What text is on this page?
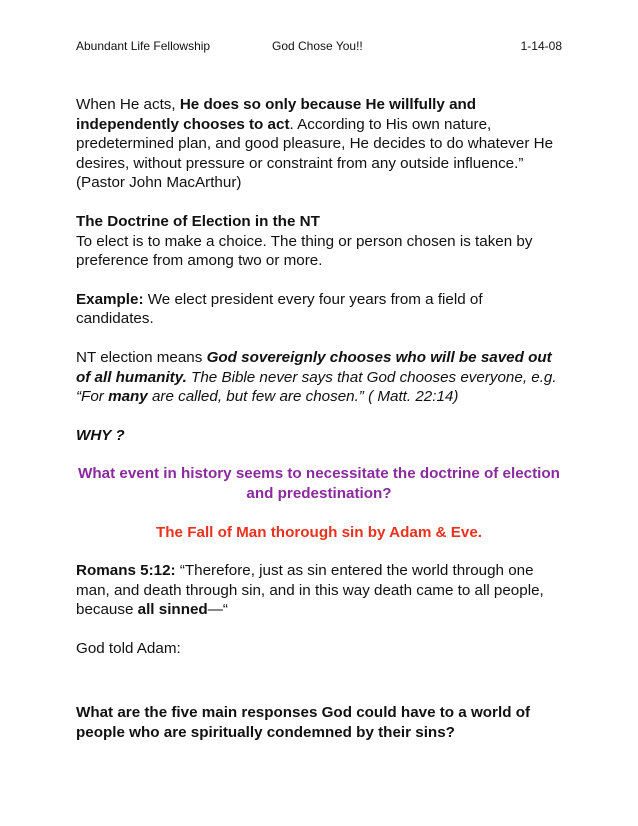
Abundant Life Fellowship	God Chose You!!	1-14-08

When He acts, He does so only because He willfully and independently chooses to act. According to His own nature, predetermined plan, and good pleasure, He decides to do whatever He desires, without pressure or constraint from any outside influence.” (Pastor John MacArthur)

The Doctrine of Election in the NT

To elect is to make a choice. The thing or person chosen is taken by preference from among two or more.

Example: We elect president every four years from a field of candidates.

NT election means God sovereignly chooses who will be saved out of all humanity. The Bible never says that God chooses everyone, e.g. “For many are called, but few are chosen.” ( Matt. 22:14)

WHY ?

What event in history seems to necessitate the doctrine of election and predestination?

The Fall of Man thorough sin by Adam & Eve.

Romans 5:12: “Therefore, just as sin entered the world through one man, and death through sin, and in this way death came to all people, because all sinned—“

God told Adam:

What are the five main responses God could have to a world of people who are spiritually condemned by their sins?
